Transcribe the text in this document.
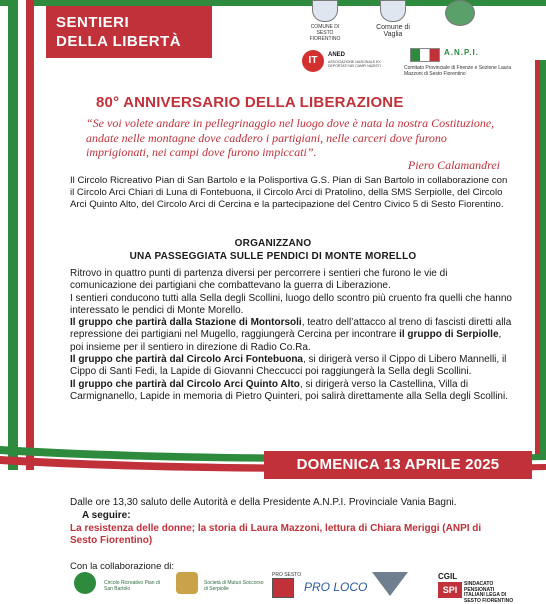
SENTIERI
DELLA LIBERTÀ
COMUNE DI SESTO FIORENTINO
Comune di Vaglia
IT	ANED
ASSOCIAZIONE NAZIONALE EX DEPORTATI NEI CAMPI NAZISTI
A.N.P.I.
Comitato Provinciale di Firenze e Sezione Laura Mazzoni di Sesto Fiorentino
80° ANNIVERSARIO DELLA LIBERAZIONE
“Se voi volete andare in pellegrinaggio nel luogo dove è nata la nostra Costituzione, andate nelle montagne dove caddero i partigiani, nelle carceri dove furono imprigionati, nei campi dove furono impiccati”.
Piero Calamandrei
Il Circolo Ricreativo Pian di San Bartolo e la Polisportiva G.S. Pian di San Bartolo in collaborazione con il Circolo Arci Chiari di Luna di Fontebuona, il Circolo Arci di Pratolino, della SMS Serpiolle, del Circolo Arci Quinto Alto, del Circolo Arci di Cercina e la partecipazione del Centro Civico 5 di Sesto Fiorentino.
ORGANIZZANO
UNA PASSEGGIATA SULLE PENDICI DI MONTE MORELLO

Ritrovo in quattro punti di partenza diversi per percorrere i sentieri che furono le vie di comunicazione dei partigiani che combattevano la guerra di Liberazione.

I sentieri conducono tutti alla Sella degli Scollini, luogo dello scontro più cruento fra quelli che hanno interessato le pendici di Monte Morello.

Il gruppo che partirà dalla Stazione di Montorsoli, teatro dell’attacco al treno di fascisti diretti alla repressione dei partigiani nel Mugello, raggiungerà Cercina per incontrare il gruppo di Serpiolle, poi insieme per il sentiero in direzione di Radio Co.Ra.

Il gruppo che partirà dal Circolo Arci Fontebuona, si dirigerà verso il Cippo di Libero Mannelli, il Cippo di Santi Fedi, la Lapide di Giovanni Checcucci poi raggiungerà la Sella degli Scollini.

Il gruppo che partirà dal Circolo Arci Quinto Alto, si dirigerà verso la Castellina, Villa di Carmignanello, Lapide in memoria di Pietro Quinteri, poi salirà direttamente alla Sella degli Scollini.

DOMENICA 13 APRILE 2025
Dalle ore 13,30 saluto delle Autorità e della Presidente A.N.P.I. Provinciale Vania Bagni.
A seguire:
La resistenza delle donne; la storia di Laura Mazzoni, lettura di Chiara Meriggi (ANPI di Sesto Fiorentino)
Con la collaborazione di:
Circolo Ricreativo Pian di San Bartolo
Società di Mutuo Soccorso di Serpiolle
PRO SESTO
PRO LOCO
CGIL
SPI
SINDACATO PENSIONATI ITALIANI LEGA DI SESTO FIORENTINO
